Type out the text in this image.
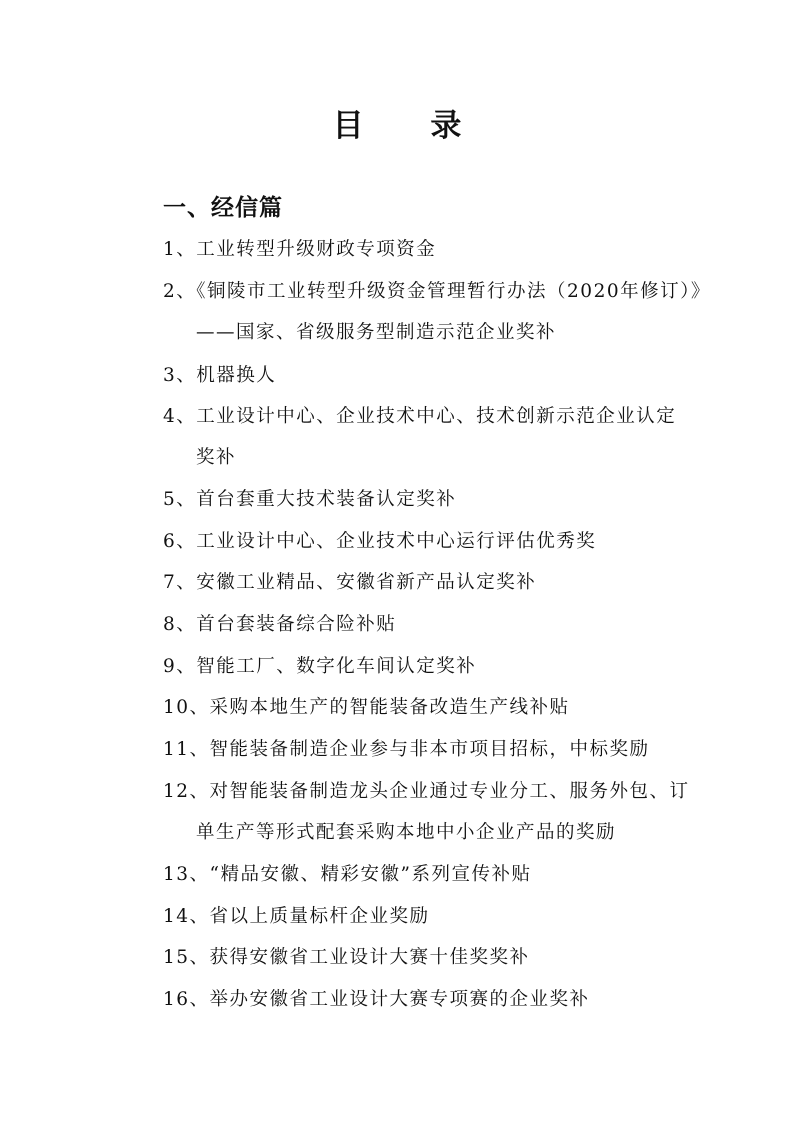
目 录
一、经信篇
1、工业转型升级财政专项资金
2、《铜陵市工业转型升级资金管理暂行办法（2020年修订）》
——国家、省级服务型制造示范企业奖补
3、机器换人
4、工业设计中心、企业技术中心、技术创新示范企业认定
奖补
5、首台套重大技术装备认定奖补
6、工业设计中心、企业技术中心运行评估优秀奖
7、安徽工业精品、安徽省新产品认定奖补
8、首台套装备综合险补贴
9、智能工厂、数字化车间认定奖补
10、采购本地生产的智能装备改造生产线补贴
11、智能装备制造企业参与非本市项目招标，中标奖励
12、对智能装备制造龙头企业通过专业分工、服务外包、订
单生产等形式配套采购本地中小企业产品的奖励
13、“精品安徽、精彩安徽”系列宣传补贴
14、省以上质量标杆企业奖励
15、获得安徽省工业设计大赛十佳奖奖补
16、举办安徽省工业设计大赛专项赛的企业奖补
